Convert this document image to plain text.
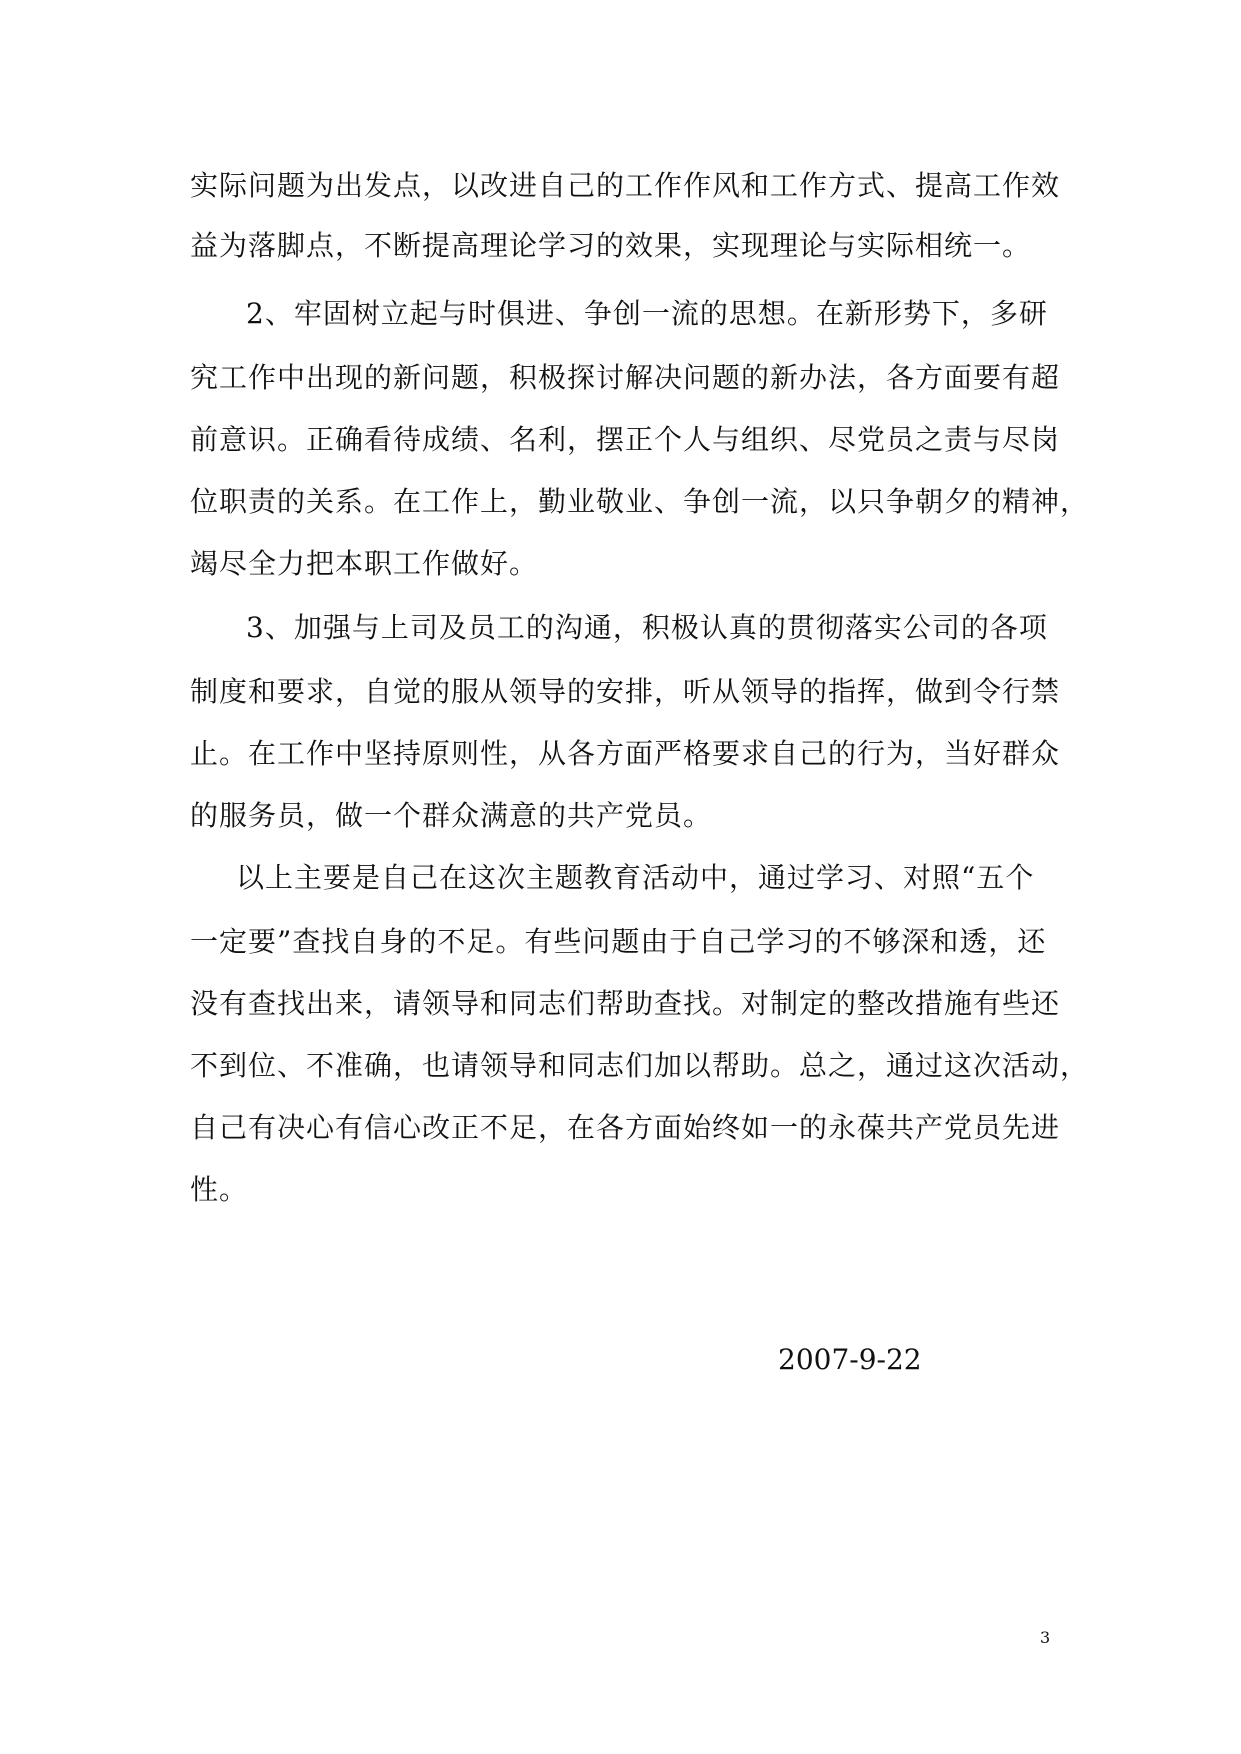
实际问题为出发点，以改进自己的工作作风和工作方式、提高工作效
益为落脚点，不断提高理论学习的效果，实现理论与实际相统一。
2、牢固树立起与时俱进、争创一流的思想。在新形势下，多研
究工作中出现的新问题，积极探讨解决问题的新办法，各方面要有超
前意识。正确看待成绩、名利，摆正个人与组织、尽党员之责与尽岗
位职责的关系。在工作上，勤业敬业、争创一流，以只争朝夕的精神，
竭尽全力把本职工作做好。
3、加强与上司及员工的沟通，积极认真的贯彻落实公司的各项
制度和要求，自觉的服从领导的安排，听从领导的指挥，做到令行禁
止。在工作中坚持原则性，从各方面严格要求自己的行为，当好群众
的服务员，做一个群众满意的共产党员。
以上主要是自己在这次主题教育活动中，通过学习、对照“五个
一定要”查找自身的不足。有些问题由于自己学习的不够深和透，还
没有查找出来，请领导和同志们帮助查找。对制定的整改措施有些还
不到位、不准确，也请领导和同志们加以帮助。总之，通过这次活动，
自己有决心有信心改正不足，在各方面始终如一的永葆共产党员先进
性。
2007-9-22
3
